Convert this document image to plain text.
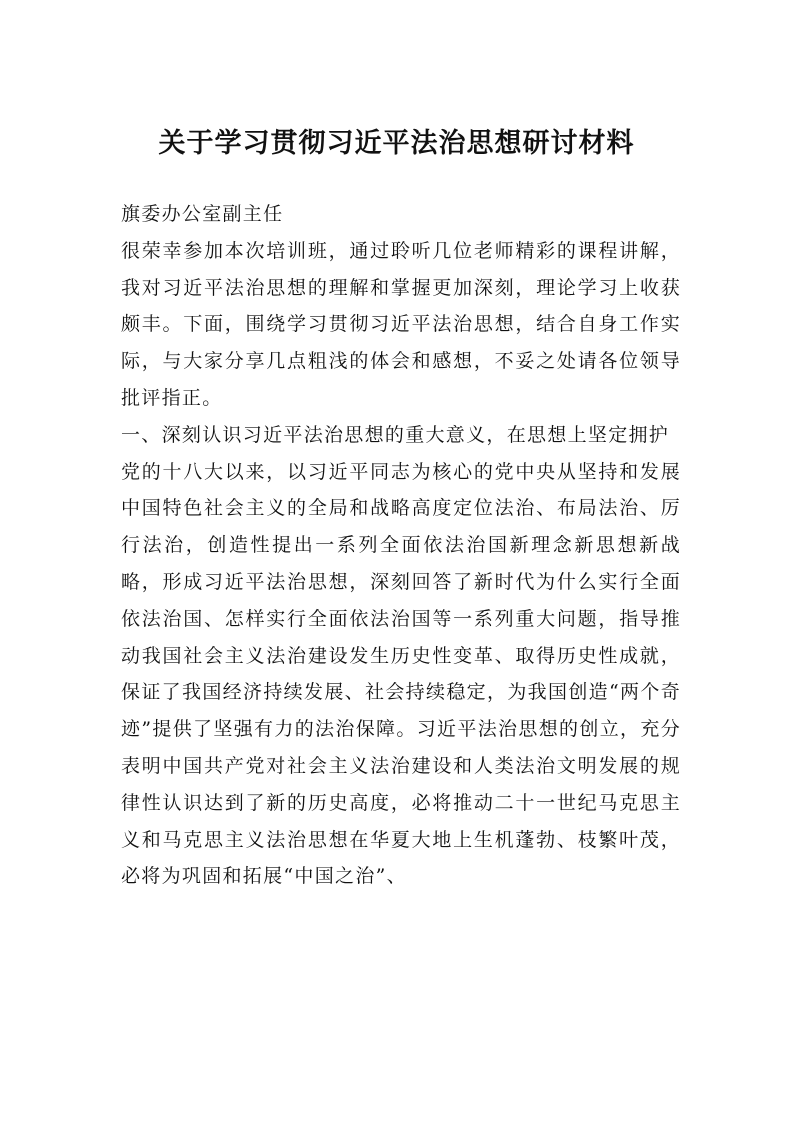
关于学习贯彻习近平法治思想研讨材料

旗委办公室副主任

很荣幸参加本次培训班，通过聆听几位老师精彩的课程讲解，我对习近平法治思想的理解和掌握更加深刻，理论学习上收获颇丰。下面，围绕学习贯彻习近平法治思想，结合自身工作实际，与大家分享几点粗浅的体会和感想，不妥之处请各位领导批评指正。

一、深刻认识习近平法治思想的重大意义，在思想上坚定拥护

党的十八大以来，以习近平同志为核心的党中央从坚持和发展中国特色社会主义的全局和战略高度定位法治、布局法治、厉行法治，创造性提出一系列全面依法治国新理念新思想新战略，形成习近平法治思想，深刻回答了新时代为什么实行全面依法治国、怎样实行全面依法治国等一系列重大问题，指导推动我国社会主义法治建设发生历史性变革、取得历史性成就，保证了我国经济持续发展、社会持续稳定，为我国创造“两个奇迹”提供了坚强有力的法治保障。习近平法治思想的创立，充分表明中国共产党对社会主义法治建设和人类法治文明发展的规律性认识达到了新的历史高度，必将推动二十一世纪马克思主义和马克思主义法治思想在华夏大地上生机蓬勃、枝繁叶茂，必将为巩固和拓展“中国之治”、
